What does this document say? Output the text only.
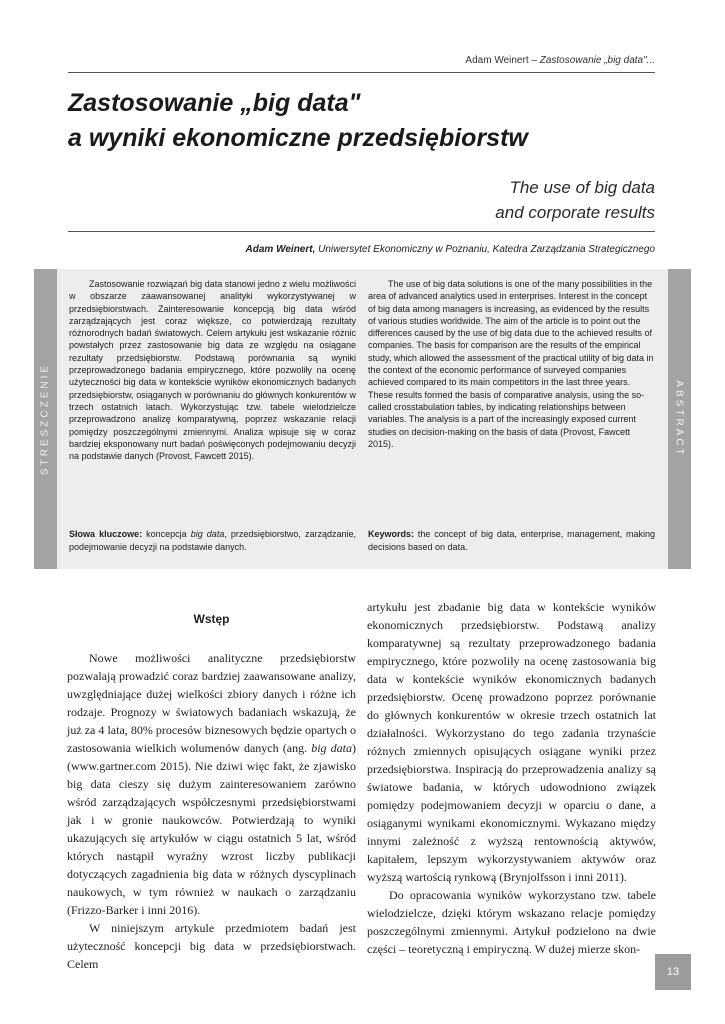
Adam Weinert – Zastosowanie „big data"...
Zastosowanie „big data"
a wyniki ekonomiczne przedsiębiorstw
The use of big data
and corporate results
Adam Weinert, Uniwersytet Ekonomiczny w Poznaniu, Katedra Zarządzania Strategicznego
STRESZCZENIE

Zastosowanie rozwiązań big data stanowi jedno z wielu możliwości w obszarze zaawansowanej analityki wykorzystywanej w przedsiębiorstwach. Zainteresowanie koncepcją big data wśród zarządzających jest coraz większe, co potwierdzają rezultaty różnorodnych badań światowych. Celem artykułu jest wskazanie różnic powstałych przez zastosowanie big data ze względu na osiągane rezultaty przedsiębiorstw. Podstawą porównania są wyniki przeprowadzonego badania empirycznego, które pozwoliły na ocenę użyteczności big data w kontekście wyników ekonomicznych badanych przedsiębiorstw, osiąganych w porównaniu do głównych konkurentów w trzech ostatnich latach. Wykorzystując tzw. tabele wielodzielcze przeprowadzono analizę komparatywną, poprzez wskazanie relacji pomiędzy poszczególnymi zmiennymi. Analiza wpisuje się w coraz bardziej eksponowany nurt badań poświęconych podejmowaniu decyzji na podstawie danych (Provost, Fawcett 2015).

The use of big data solutions is one of the many possibilities in the area of advanced analytics used in enterprises. Interest in the concept of big data among managers is increasing, as evidenced by the results of various studies worldwide. The aim of the article is to point out the differences caused by the use of big data due to the achieved results of companies. The basis for comparison are the results of the empirical study, which allowed the assessment of the practical utility of big data in the context of the economic performance of surveyed companies achieved compared to its main competitors in the last three years. These results formed the basis of comparative analysis, using the so-called crosstabulation tables, by indicating relationships between variables. The analysis is a part of the increasingly exposed current studies on decision-making on the basis of data (Provost, Fawcett 2015).

Słowa kluczowe: koncepcja big data, przedsiębiorstwo, zarządzanie, podejmowanie decyzji na podstawie danych.
Keywords: the concept of big data, enterprise, management, making decisions based on data.
ABSTRACT
Wstęp

Nowe możliwości analityczne przedsiębiorstw pozwalają prowadzić coraz bardziej zaawansowane analizy, uwzględniające dużej wielkości zbiory danych i różne ich rodzaje. Prognozy w światowych badaniach wskazują, że już za 4 lata, 80% procesów biznesowych będzie opartych o zastosowania wielkich wolumenów danych (ang. big data) (www.gartner.com 2015). Nie dziwi więc fakt, że zjawisko big data cieszy się dużym zainteresowaniem zarówno wśród zarządzających współczesnymi przedsiębiorstwami jak i w gronie naukowców. Potwierdzają to wyniki ukazujących się artykułów w ciągu ostatnich 5 lat, wśród których nastąpił wyraźny wzrost liczby publikacji dotyczących zagadnienia big data w różnych dyscyplinach naukowych, w tym również w naukach o zarządzaniu (Frizzo-Barker i inni 2016).

W niniejszym artykule przedmiotem badań jest użyteczność koncepcji big data w przedsiębiorstwach. Celem

artykułu jest zbadanie big data w kontekście wyników ekonomicznych przedsiębiorstw. Podstawą analizy komparatywnej są rezultaty przeprowadzonego badania empirycznego, które pozwoliły na ocenę zastosowania big data w kontekście wyników ekonomicznych badanych przedsiębiorstw. Ocenę prowadzono poprzez porównanie do głównych konkurentów w okresie trzech ostatnich lat działalności. Wykorzystano do tego zadania trzynaście różnych zmiennych opisujących osiągane wyniki przez przedsiębiorstwa. Inspiracją do przeprowadzenia analizy są światowe badania, w których udowodniono związek pomiędzy podejmowaniem decyzji w oparciu o dane, a osiąganymi wynikami ekonomicznymi. Wykazano między innymi zależność z wyższą rentownością aktywów, kapitałem, lepszym wykorzystywaniem aktywów oraz wyższą wartością rynkową (Brynjolfsson i inni 2011).

Do opracowania wyników wykorzystano tzw. tabele wielodzielcze, dzięki którym wskazano relacje pomiędzy poszczególnymi zmiennymi. Artykuł podzielono na dwie części – teoretyczną i empiryczną. W dużej mierze skon-

13
